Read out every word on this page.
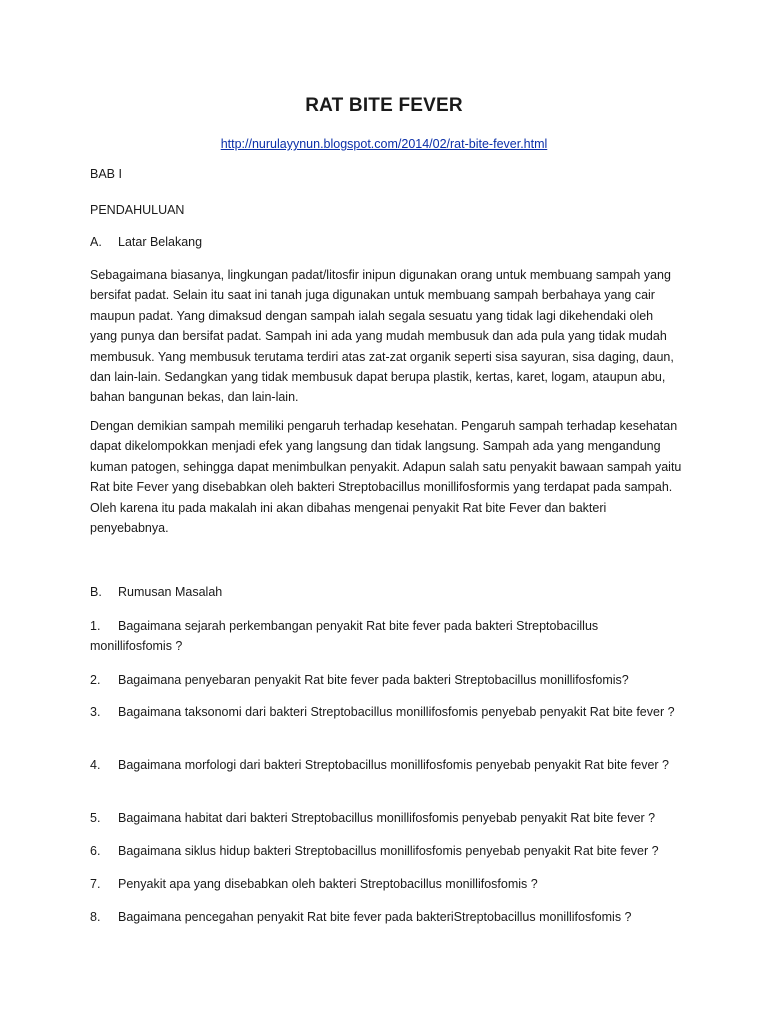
RAT BITE FEVER
http://nurulayynun.blogspot.com/2014/02/rat-bite-fever.html

BAB I

PENDAHULUAN

A. Latar Belakang

Sebagaimana biasanya, lingkungan padat/litosfir inipun digunakan orang untuk membuang sampah yang bersifat padat. Selain itu saat ini tanah juga digunakan untuk membuang sampah berbahaya yang cair maupun padat. Yang dimaksud dengan sampah ialah segala sesuatu yang tidak lagi dikehendaki oleh yang punya dan bersifat padat. Sampah ini ada yang mudah membusuk dan ada pula yang tidak mudah membusuk. Yang membusuk terutama terdiri atas zat-zat organik seperti sisa sayuran, sisa daging, daun, dan lain-lain. Sedangkan yang tidak membusuk dapat berupa plastik, kertas, karet, logam, ataupun abu, bahan bangunan bekas, dan lain-lain.

Dengan demikian sampah memiliki pengaruh terhadap kesehatan. Pengaruh sampah terhadap kesehatan dapat dikelompokkan menjadi efek yang langsung dan tidak langsung. Sampah ada yang mengandung kuman patogen, sehingga dapat menimbulkan penyakit. Adapun salah satu penyakit bawaan sampah yaitu Rat bite Fever yang disebabkan oleh bakteri Streptobacillus monillifosformis yang terdapat pada sampah. Oleh karena itu pada makalah ini akan dibahas mengenai penyakit Rat bite Fever dan bakteri penyebabnya.

B. Rumusan Masalah

1. Bagaimana sejarah perkembangan penyakit Rat bite fever pada bakteri Streptobacillus monillifosfomis ?

2. Bagaimana penyebaran penyakit Rat bite fever pada bakteri Streptobacillus monillifosfomis?

3. Bagaimana taksonomi dari bakteri Streptobacillus monillifosfomis penyebab penyakit Rat bite fever ?

4. Bagaimana morfologi dari bakteri Streptobacillus monillifosfomis penyebab penyakit Rat bite fever ?

5. Bagaimana habitat dari bakteri Streptobacillus monillifosfomis penyebab penyakit Rat bite fever ?

6. Bagaimana siklus hidup bakteri Streptobacillus monillifosfomis penyebab penyakit Rat bite fever ?

7. Penyakit apa yang disebabkan oleh bakteri Streptobacillus monillifosfomis ?

8. Bagaimana pencegahan penyakit Rat bite fever pada bakteriStreptobacillus monillifosfomis ?
